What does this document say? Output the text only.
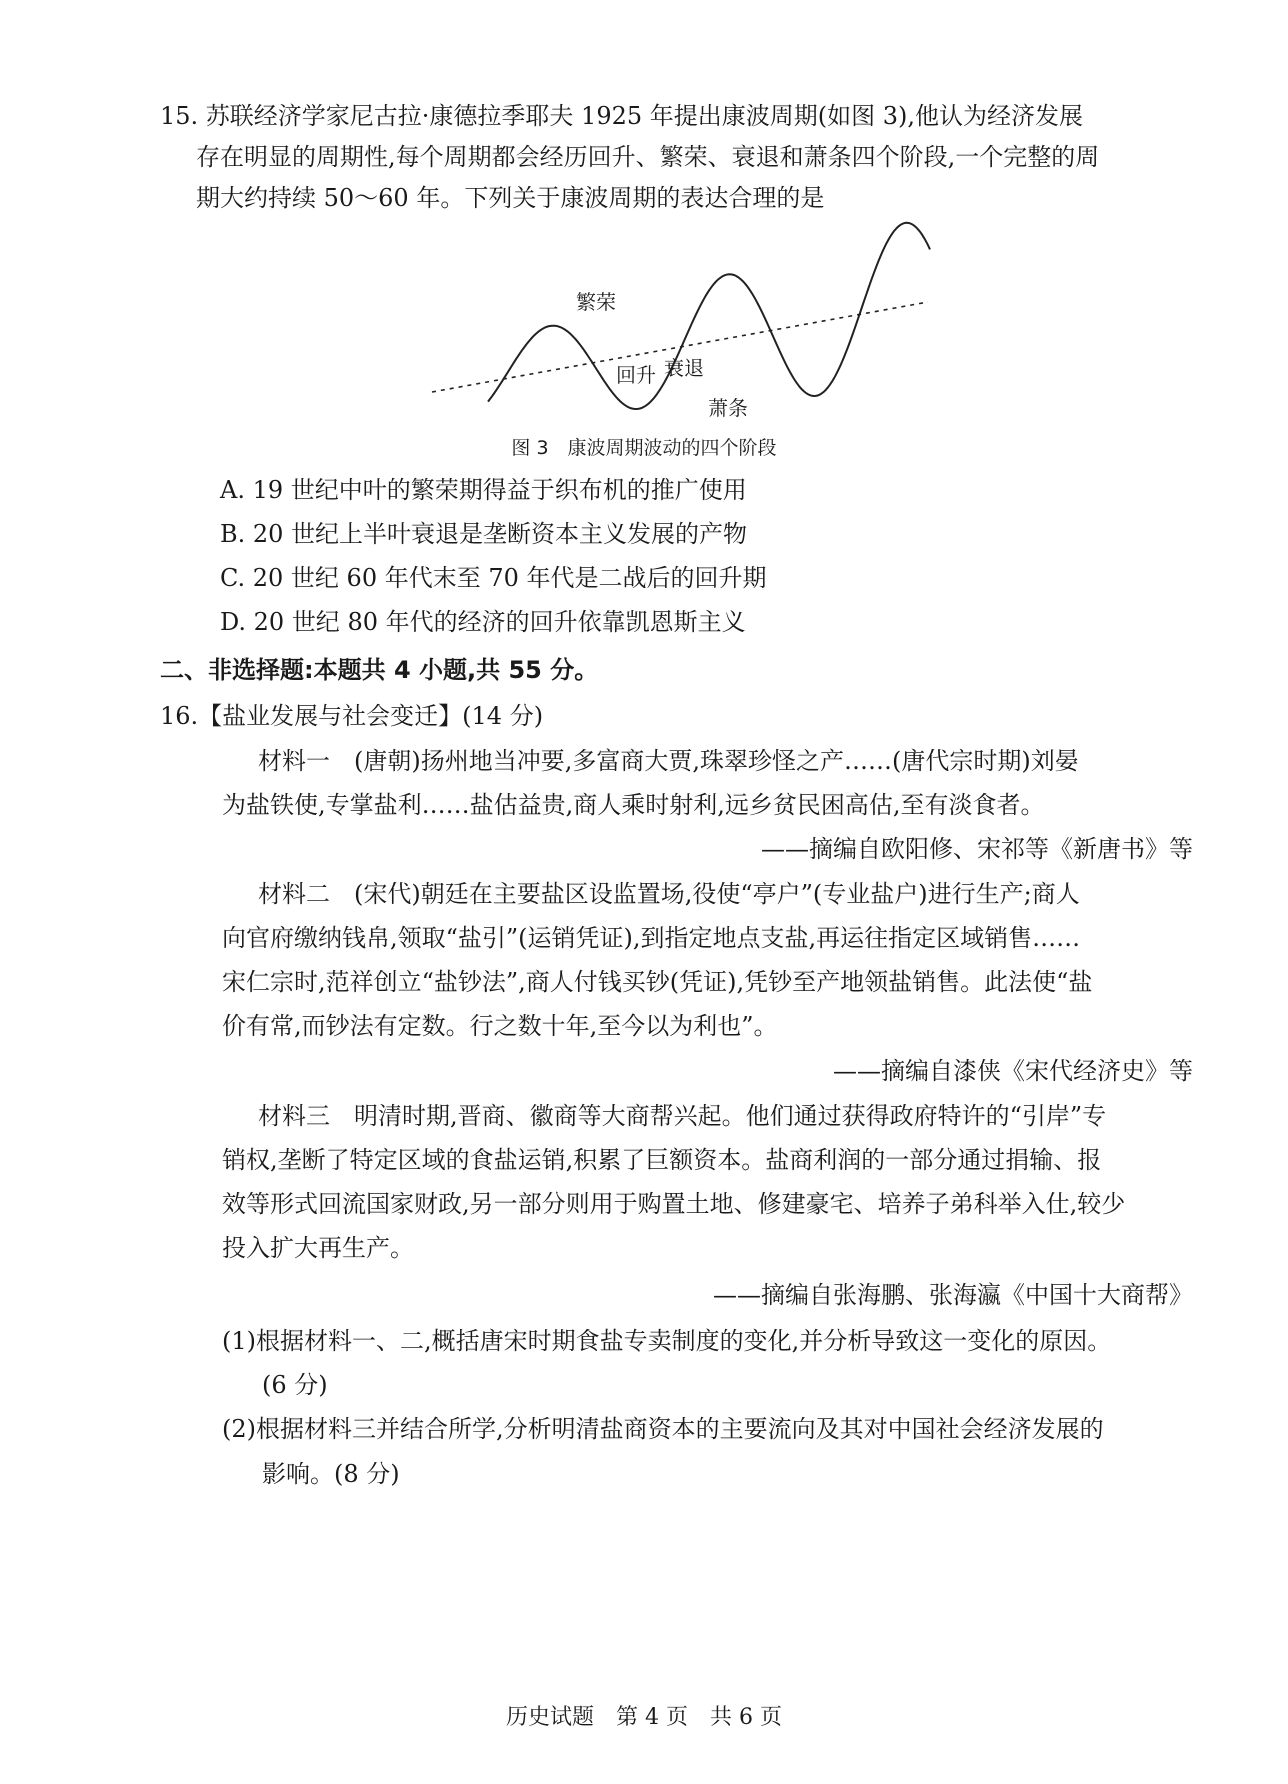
15. 苏联经济学家尼古拉·康德拉季耶夫 1925 年提出康波周期(如图 3),他认为经济发展
存在明显的周期性,每个周期都会经历回升、繁荣、衰退和萧条四个阶段,一个完整的周
期大约持续 50～60 年。下列关于康波周期的表达合理的是
繁荣
回升 衰退
萧条
图 3　康波周期波动的四个阶段
A. 19 世纪中叶的繁荣期得益于织布机的推广使用
B. 20 世纪上半叶衰退是垄断资本主义发展的产物
C. 20 世纪 60 年代末至 70 年代是二战后的回升期
D. 20 世纪 80 年代的经济的回升依靠凯恩斯主义
二、非选择题:本题共 4 小题,共 55 分。
16.【盐业发展与社会变迁】(14 分)
材料一　(唐朝)扬州地当冲要,多富商大贾,珠翠珍怪之产……(唐代宗时期)刘晏
为盐铁使,专掌盐利……盐估益贵,商人乘时射利,远乡贫民困高估,至有淡食者。
——摘编自欧阳修、宋祁等《新唐书》等
材料二　(宋代)朝廷在主要盐区设监置场,役使“亭户”(专业盐户)进行生产;商人
向官府缴纳钱帛,领取“盐引”(运销凭证),到指定地点支盐,再运往指定区域销售……
宋仁宗时,范祥创立“盐钞法”,商人付钱买钞(凭证),凭钞至产地领盐销售。此法使“盐
价有常,而钞法有定数。行之数十年,至今以为利也”。
——摘编自漆侠《宋代经济史》等
材料三　明清时期,晋商、徽商等大商帮兴起。他们通过获得政府特许的“引岸”专
销权,垄断了特定区域的食盐运销,积累了巨额资本。盐商利润的一部分通过捐输、报
效等形式回流国家财政,另一部分则用于购置土地、修建豪宅、培养子弟科举入仕,较少
投入扩大再生产。
——摘编自张海鹏、张海瀛《中国十大商帮》
(1)根据材料一、二,概括唐宋时期食盐专卖制度的变化,并分析导致这一变化的原因。
(6 分)
(2)根据材料三并结合所学,分析明清盐商资本的主要流向及其对中国社会经济发展的
影响。(8 分)
历史试题　第 4 页　共 6 页
